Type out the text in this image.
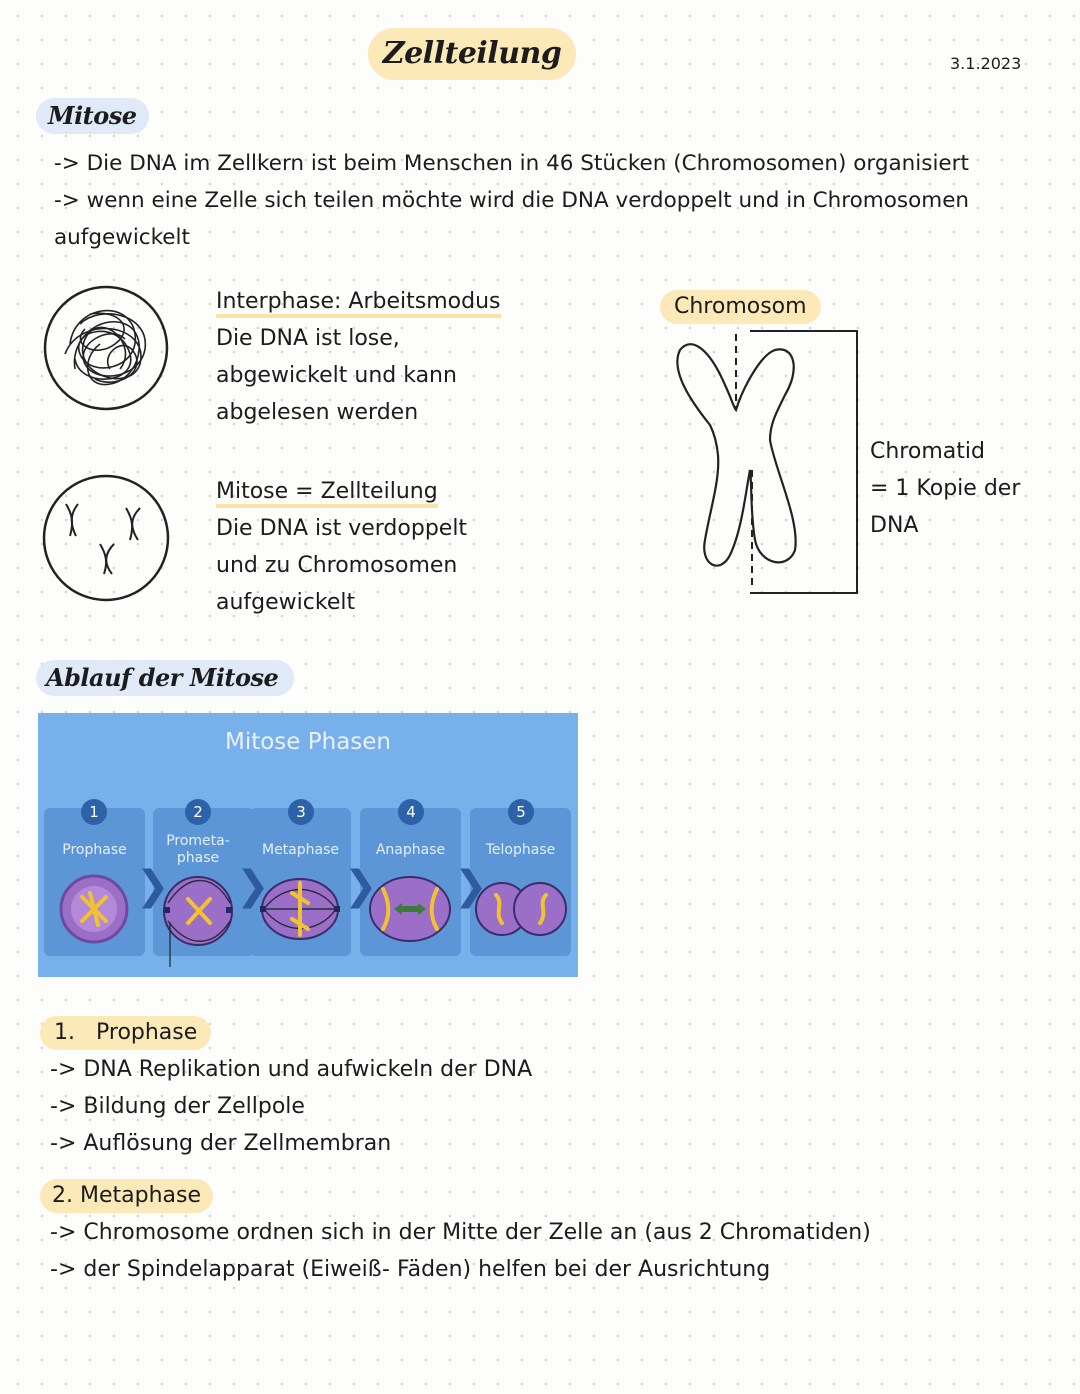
Zellteilung	3.1.2023
Mitose
-> Die DNA im Zellkern ist beim Menschen in 46 Stücken (Chromosomen) organisiert
-> wenn eine Zelle sich teilen möchte wird die DNA verdoppelt und in Chromosomen
aufgewickelt
Interphase: Arbeitsmodus
Die DNA ist lose,
abgewickelt und kann
abgelesen werden
Mitose = Zellteilung
Die DNA ist verdoppelt
und zu Chromosomen
aufgewickelt
Chromosom
Chromatid
= 1 Kopie der
DNA
Ablauf der Mitose
Mitose Phasen
1	2	3	4	5
Prophase
Prometa-
phase	Metaphase	Anaphase	Telophase
❯ ❯ ❯ ❯
1. Prophase
-> DNA Replikation und aufwickeln der DNA
-> Bildung der Zellpole
-> Auflösung der Zellmembran
2. Metaphase
-> Chromosome ordnen sich in der Mitte der Zelle an (aus 2 Chromatiden)
-> der Spindelapparat (Eiweiß- Fäden) helfen bei der Ausrichtung
